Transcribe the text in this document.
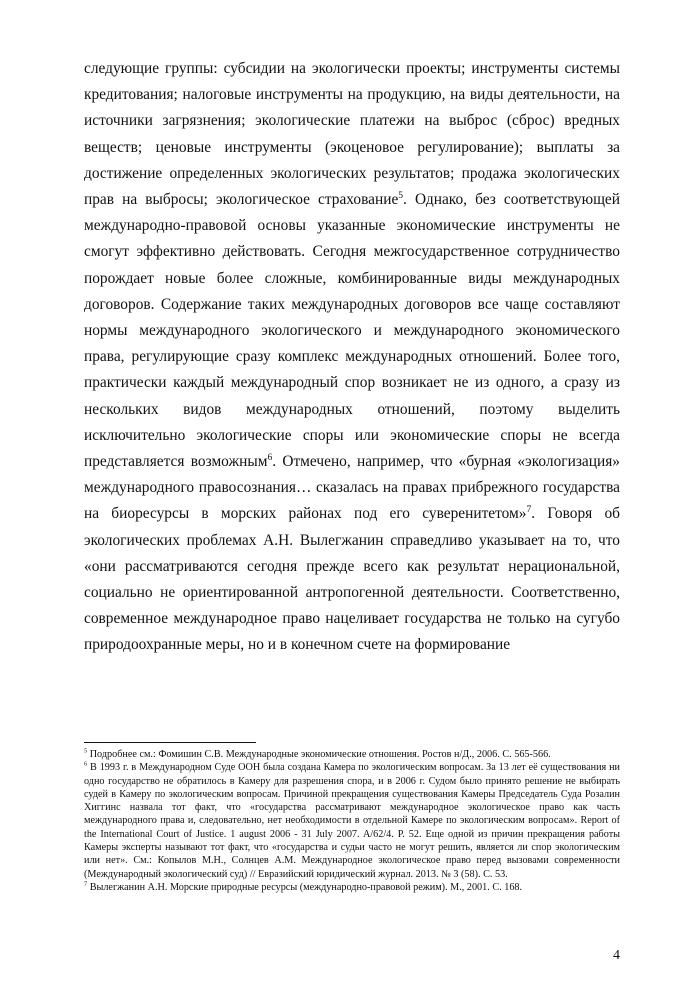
следующие группы: субсидии на экологически проекты; инструменты системы кредитования; налоговые инструменты на продукцию, на виды деятельности, на источники загрязнения; экологические платежи на выброс (сброс) вредных веществ; ценовые инструменты (экоценовое регулирование); выплаты за достижение определенных экологических результатов; продажа экологических прав на выбросы; экологическое страхование$^5$. Однако, без соответствующей международно-правовой основы указанные экономические инструменты не смогут эффективно действовать. Сегодня межгосударственное сотрудничество порождает новые более сложные, комбинированные виды международных договоров. Содержание таких международных договоров все чаще составляют нормы международного экологического и международного экономического права, регулирующие сразу комплекс международных отношений. Более того, практически каждый международный спор возникает не из одного, а сразу из нескольких видов международных отношений, поэтому выделить исключительно экологические споры или экономические споры не всегда представляется возможным$^6$. Отмечено, например, что «бурная «экологизация» международного правосознания… сказалась на правах прибрежного государства на биоресурсы в морских районах под его суверенитетом»$^7$. Говоря об экологических проблемах А.Н. Вылегжанин справедливо указывает на то, что «они рассматриваются сегодня прежде всего как результат нерациональной, социально не ориентированной антропогенной деятельности. Соответственно, современное международное право нацеливает государства не только на сугубо природоохранные меры, но и в конечном счете на формирование

$^5$ Подробнее см.: Фомишин С.В. Международные экономические отношения. Ростов н/Д., 2006. С. 565-566.

$^6$ В 1993 г. в Международном Суде ООН была создана Камера по экологическим вопросам. За 13 лет её существования ни одно государство не обратилось в Камеру для разрешения спора, и в 2006 г. Судом было принято решение не выбирать судей в Камеру по экологическим вопросам. Причиной прекращения существования Камеры Председатель Суда Розалин Хиггинс назвала тот факт, что «государства рассматривают международное экологическое право как часть международного права и, следовательно, нет необходимости в отдельной Камере по экологическим вопросам». Report of the International Court of Justice. 1 august 2006 - 31 July 2007. A/62/4. P. 52. Еще одной из причин прекращения работы Камеры эксперты называют тот факт, что «государства и судьи часто не могут решить, является ли спор экологическим или нет». См.: Копылов М.Н., Солнцев А.М. Международное экологическое право перед вызовами современности (Международный экологический суд) // Евразийский юридический журнал. 2013. № 3 (58). С. 53.

$^7$ Вылегжанин А.Н. Морские природные ресурсы (международно-правовой режим). М., 2001. С. 168.

4
